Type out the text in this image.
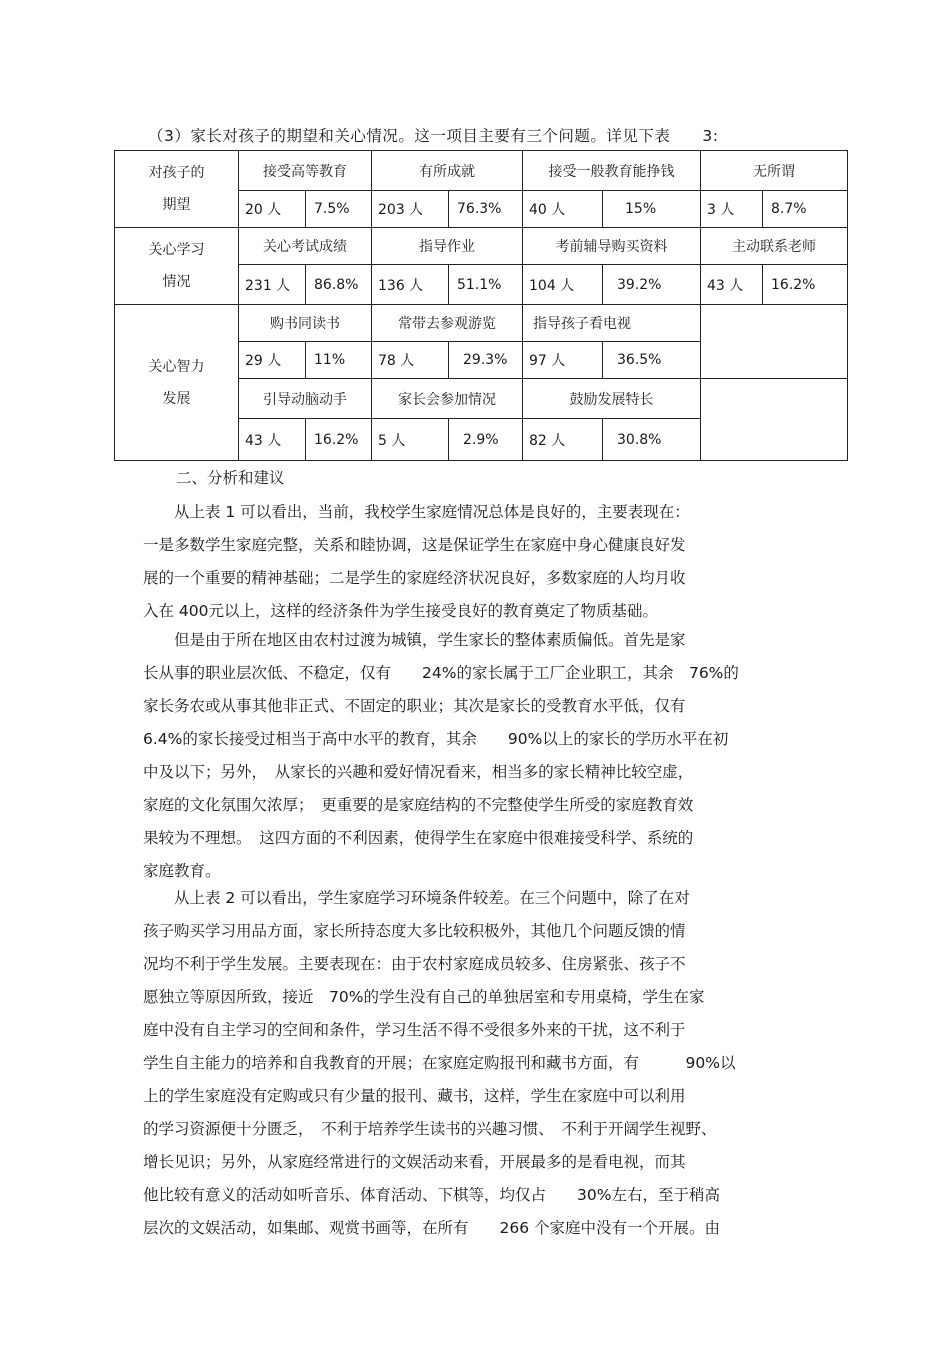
（3）家长对孩子的期望和关心情况。这一项目主要有三个问题。详见下表　　3:
对孩子的
期望	接受高等教育		有所成就		接受一般教育能挣钱		无所谓	
	20 人	7.5%	203 人	76.3%	40 人	15%	3 人	8.7%

关心学习
情况	关心考试成绩		指导作业		考前辅导购买资料		主动联系老师	
	231 人	86.8%	136 人	51.1%	104 人	39.2%	43 人	16.2%

关心智力
发展	购书同读书		常带去参观游览		指导孩子看电视			
	29 人	11%	78 人	29.3%	97 人	36.5%		
	引导动脑动手		家长会参加情况		鼓励发展特长			
	43 人	16.2%	5 人	2.9%	82 人	30.8%		
二、分析和建议
　　从上表 1 可以看出，当前，我校学生家庭情况总体是良好的，主要表现在：
一是多数学生家庭完整，关系和睦协调，这是保证学生在家庭中身心健康良好发
展的一个重要的精神基础；二是学生的家庭经济状况良好，多数家庭的人均月收
入在 400元以上，这样的经济条件为学生接受良好的教育奠定了物质基础。
　　但是由于所在地区由农村过渡为城镇，学生家长的整体素质偏低。首先是家
长从事的职业层次低、不稳定，仅有　　24%的家长属于工厂企业职工，其余　76%的
家长务农或从事其他非正式、不固定的职业；其次是家长的受教育水平低，仅有
6.4%的家长接受过相当于高中水平的教育，其余　　90%以上的家长的学历水平在初
中及以下；另外，　从家长的兴趣和爱好情况看来，相当多的家长精神比较空虚，
家庭的文化氛围欠浓厚；　更重要的是家庭结构的不完整使学生所受的家庭教育效
果较为不理想。　这四方面的不利因素，使得学生在家庭中很难接受科学、系统的
家庭教育。
　　从上表 2 可以看出，学生家庭学习环境条件较差。在三个问题中，除了在对
孩子购买学习用品方面，家长所持态度大多比较积极外，其他几个问题反馈的情
况均不利于学生发展。主要表现在：由于农村家庭成员较多、住房紧张、孩子不
愿独立等原因所致，接近　70%的学生没有自己的单独居室和专用桌椅，学生在家
庭中没有自主学习的空间和条件，学习生活不得不受很多外来的干扰，这不利于
学生自主能力的培养和自我教育的开展；在家庭定购报刊和藏书方面，有　　　90%以
上的学生家庭没有定购或只有少量的报刊、藏书，这样，学生在家庭中可以利用
的学习资源便十分匮乏，　不利于培养学生读书的兴趣习惯、　不利于开阔学生视野、
增长见识；另外，从家庭经常进行的文娱活动来看，开展最多的是看电视，而其
他比较有意义的活动如听音乐、体育活动、下棋等，均仅占　　30%左右，至于稍高
层次的文娱活动，如集邮、观赏书画等，在所有　　266 个家庭中没有一个开展。由
